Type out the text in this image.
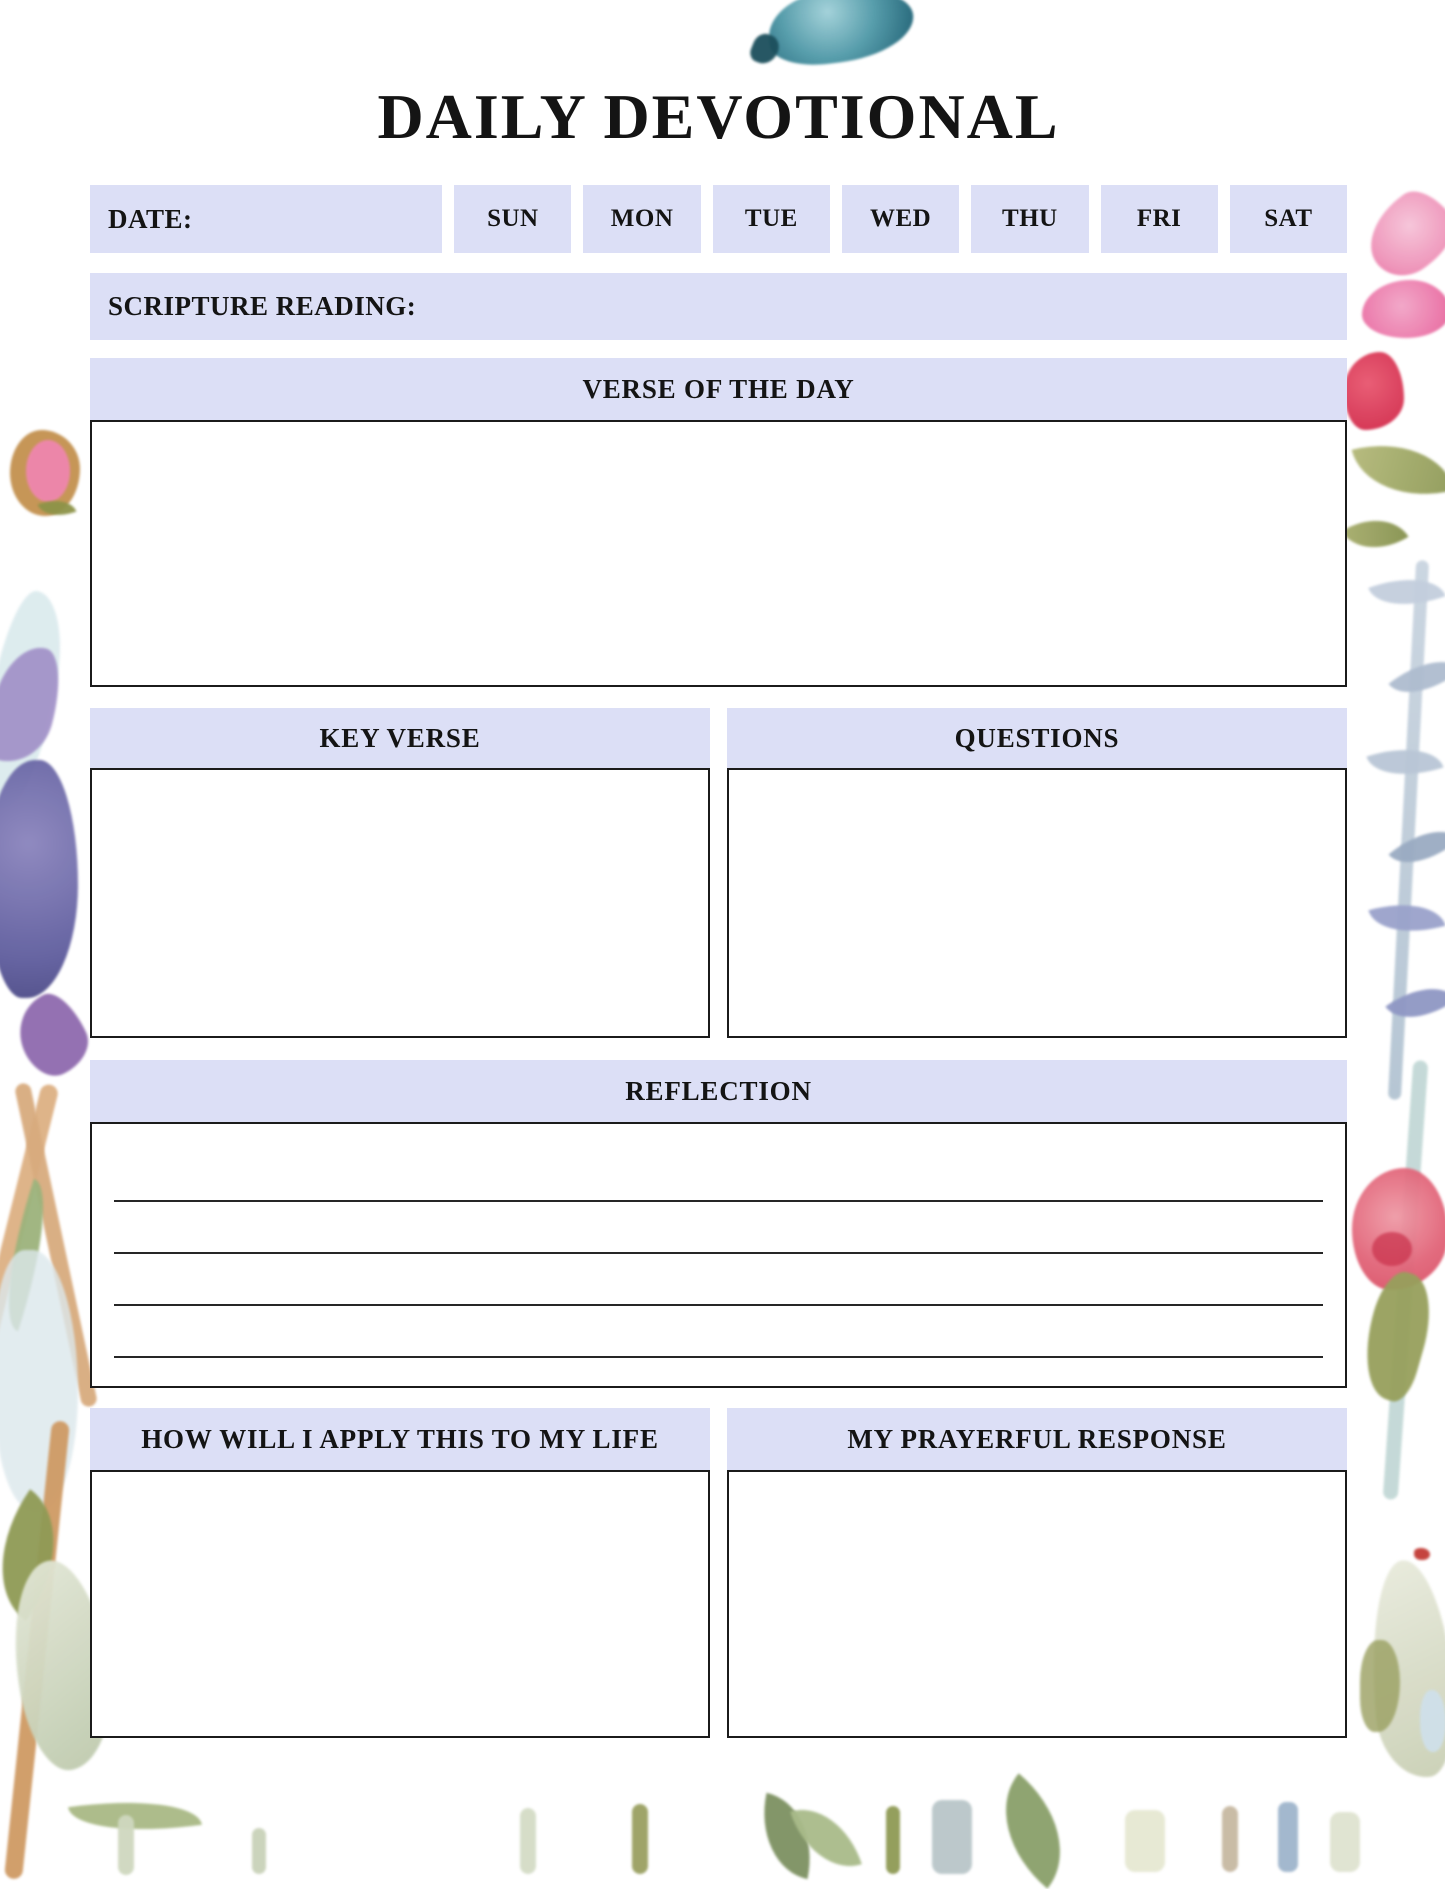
DAILY DEVOTIONAL
DATE:	SUN	MON	TUE	WED	THU	FRI	SAT
SCRIPTURE READING:
VERSE OF THE DAY
KEY VERSE	QUESTIONS
REFLECTION
HOW WILL I APPLY THIS TO MY LIFE	MY PRAYERFUL RESPONSE
